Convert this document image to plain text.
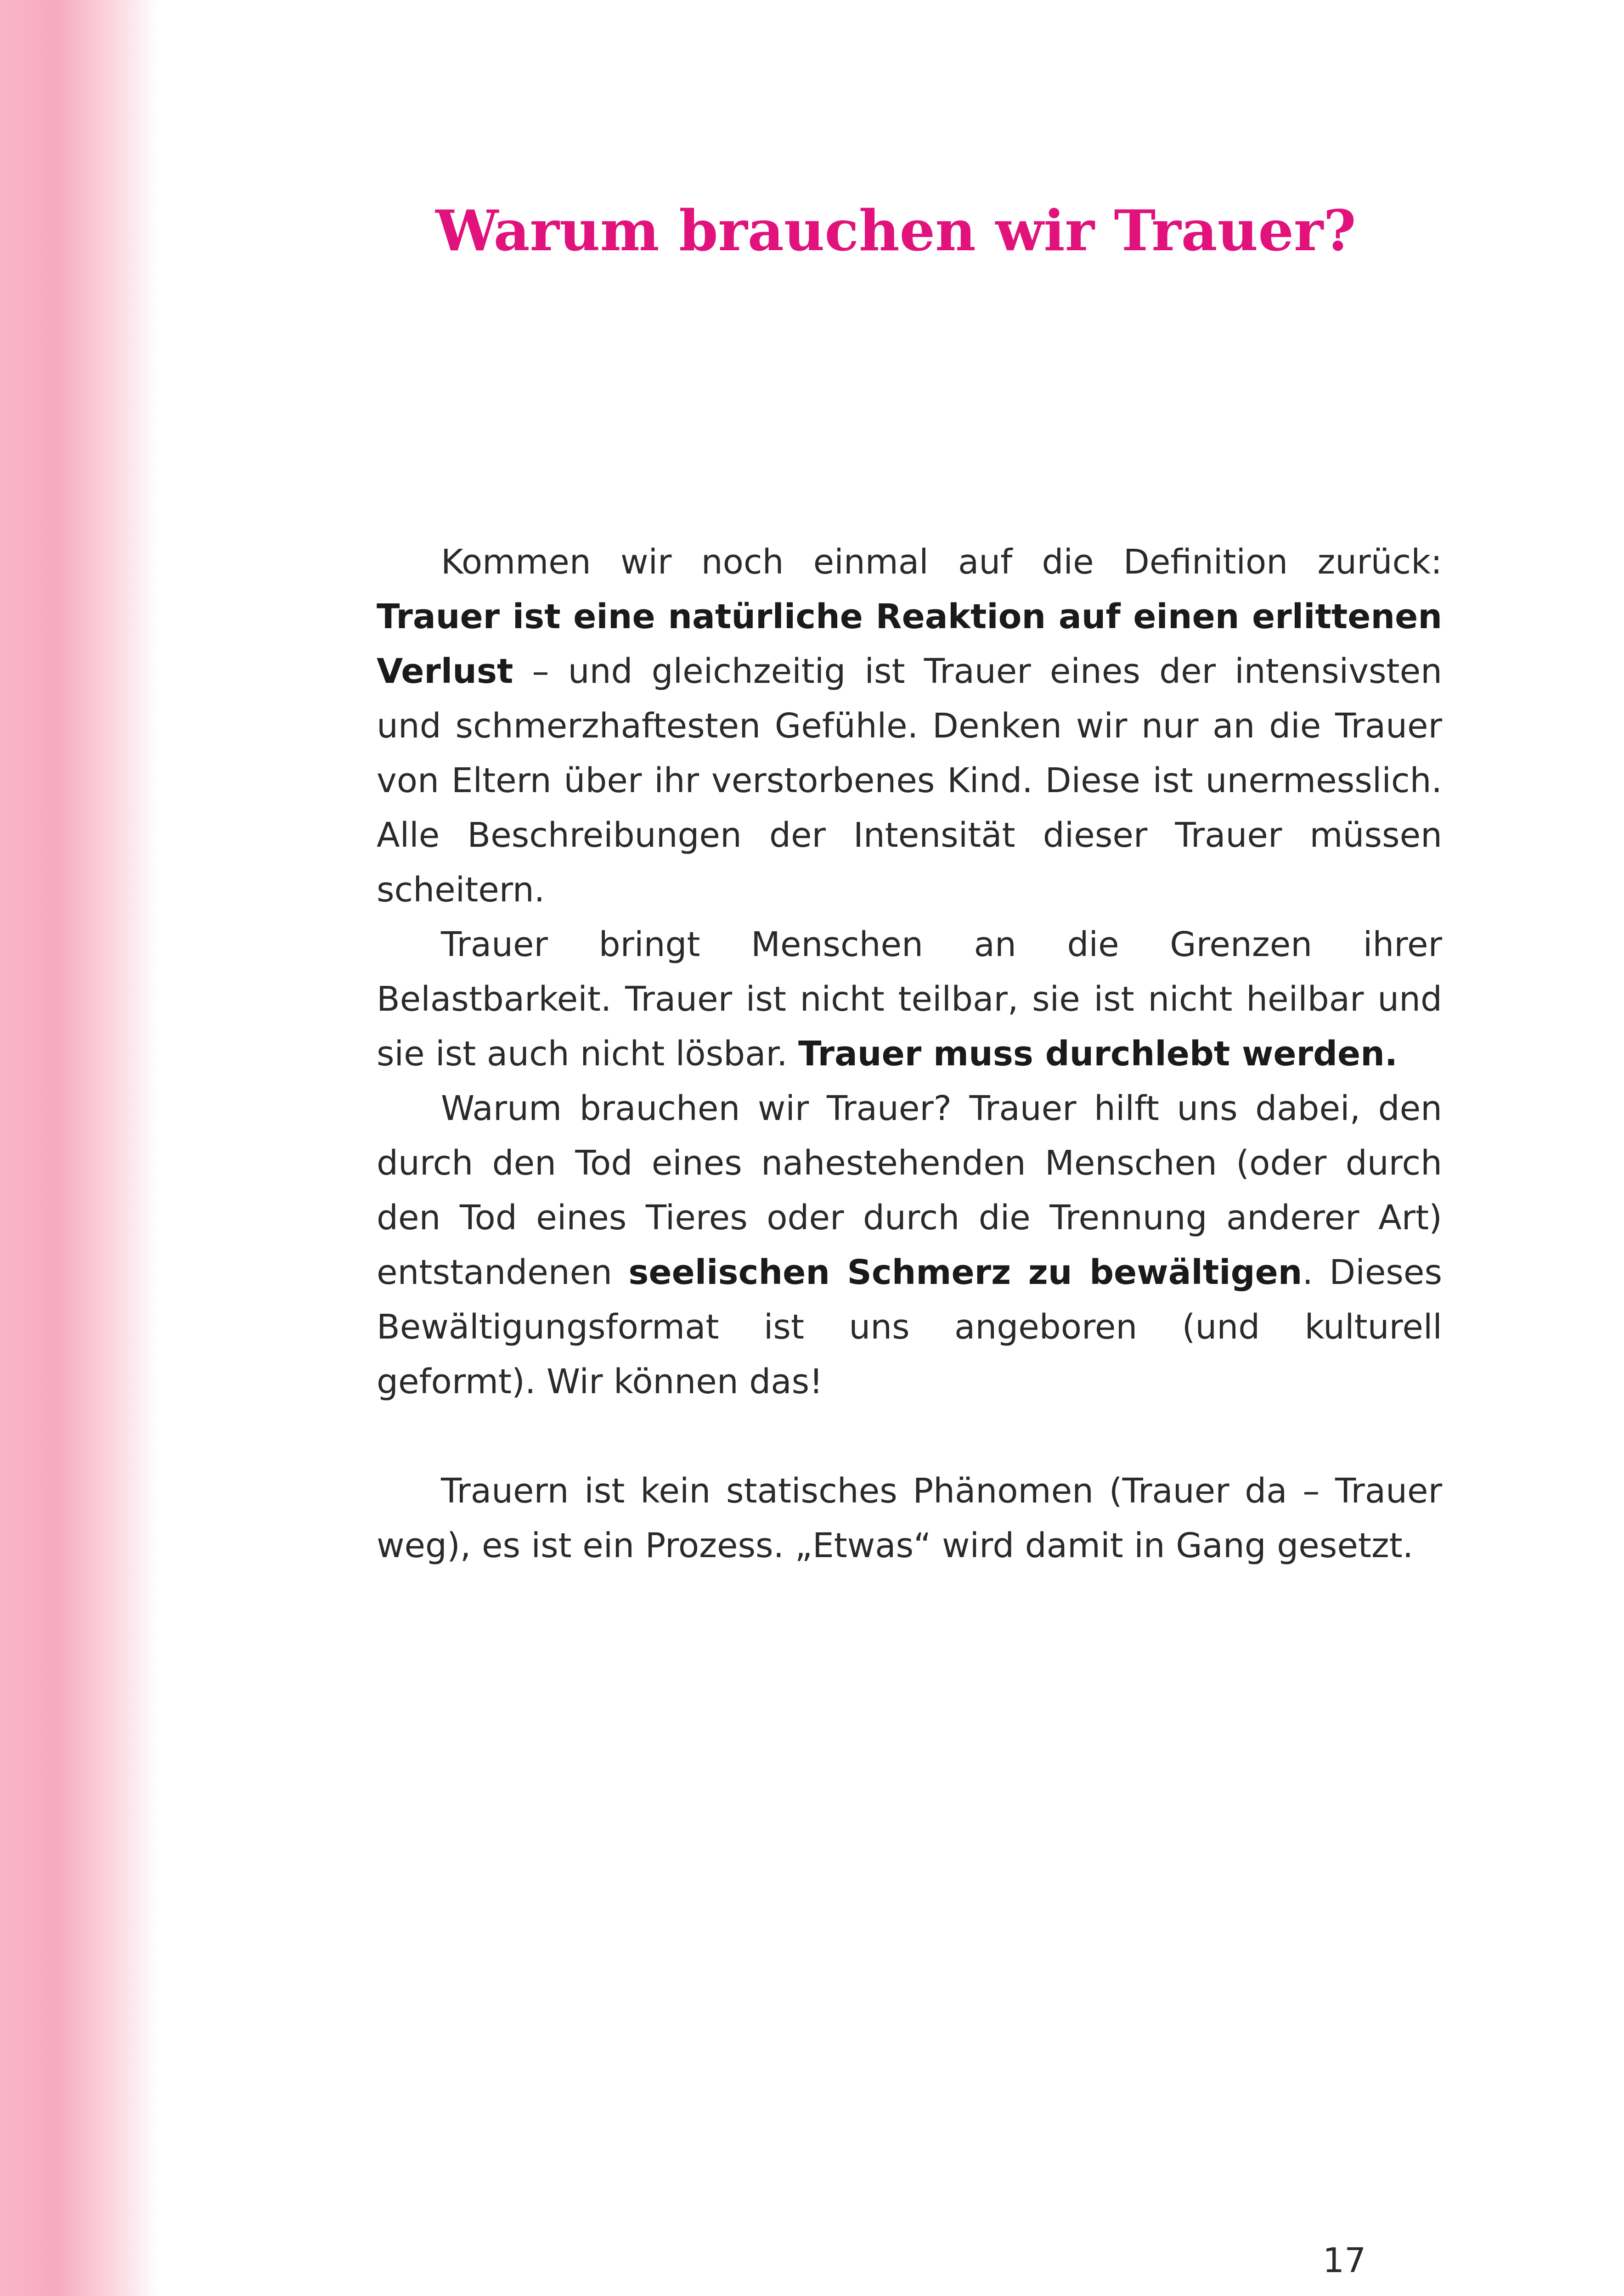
Warum brauchen wir Trauer?

Kommen wir noch einmal auf die Definition zurück: Trauer ist eine natürliche Reaktion auf einen erlittenen Verlust – und gleichzeitig ist Trauer eines der intensivsten und schmerzhaftesten Gefühle. Denken wir nur an die Trauer von Eltern über ihr verstorbenes Kind. Diese ist unermesslich. Alle Beschreibungen der Intensität dieser Trauer müssen scheitern.

Trauer bringt Menschen an die Grenzen ihrer Belastbarkeit. Trauer ist nicht teilbar, sie ist nicht heilbar und sie ist auch nicht lösbar. Trauer muss durchlebt werden.

Warum brauchen wir Trauer? Trauer hilft uns dabei, den durch den Tod eines nahestehenden Menschen (oder durch den Tod eines Tieres oder durch die Trennung anderer Art) entstandenen seelischen Schmerz zu bewältigen. Dieses Bewältigungsformat ist uns angeboren (und kulturell geformt). Wir können das!

Trauern ist kein statisches Phänomen (Trauer da – Trauer weg), es ist ein Prozess. „Etwas“ wird damit in Gang gesetzt.

17
